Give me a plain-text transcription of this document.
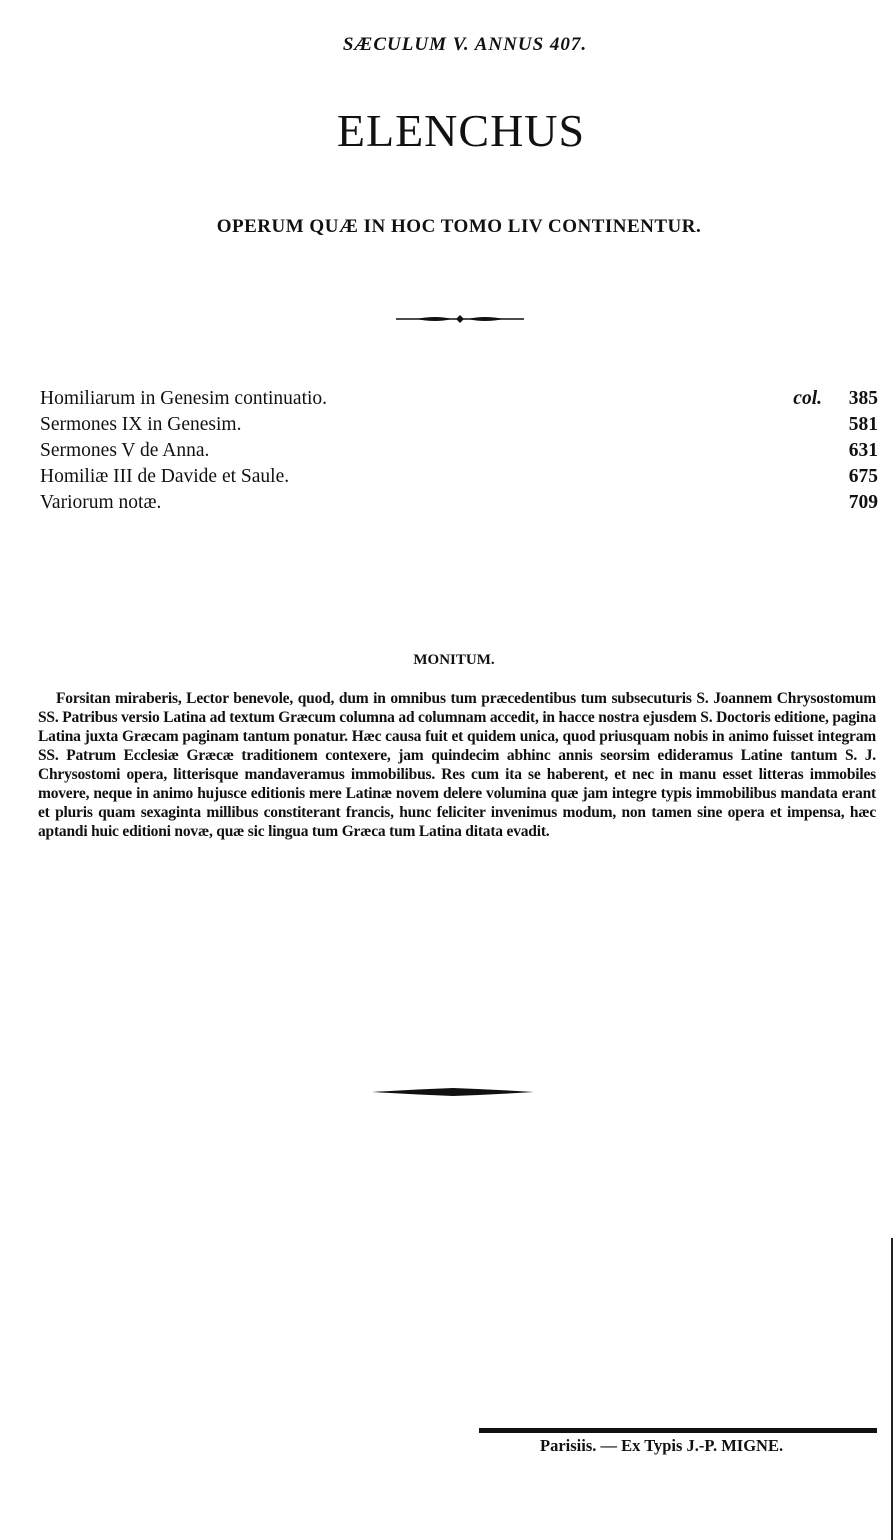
SÆCULUM V. ANNUS 407.
ELENCHUS
OPERUM QUÆ IN HOC TOMO LIV CONTINENTUR.
Homiliarum in Genesim continuatio.	col. 385
Sermones IX in Genesim.	581
Sermones V de Anna.	631
Homiliæ III de Davide et Saule.	675
Variorum notæ.	709
MONITUM.

Forsitan miraberis, Lector benevole, quod, dum in omnibus tum præcedentibus tum subsecuturis S. Joannem Chrysostomum SS. Patribus versio Latina ad textum Græcum columna ad columnam accedit, in hacce nostra ejusdem S. Doctoris editione, pagina Latina juxta Græcam paginam tantum ponatur. Hæc causa fuit et quidem unica, quod priusquam nobis in animo fuisset integram SS. Patrum Ecclesiæ Græcæ traditionem contexere, jam quindecim abhinc annis seorsim edideramus Latine tantum S. J. Chrysostomi opera, litterisque mandaveramus immobilibus. Res cum ita se haberent, et nec in manu esset litteras immobiles movere, neque in animo hujusce editionis mere Latinæ novem delere volumina quæ jam integre typis immobilibus mandata erant et pluris quam sexaginta millibus constiterant francis, hunc feliciter invenimus modum, non tamen sine opera et impensa, hæc aptandi huic editioni novæ, quæ sic lingua tum Græca tum Latina ditata evadit.

Parisiis. — Ex Typis J.-P. MIGNE.
